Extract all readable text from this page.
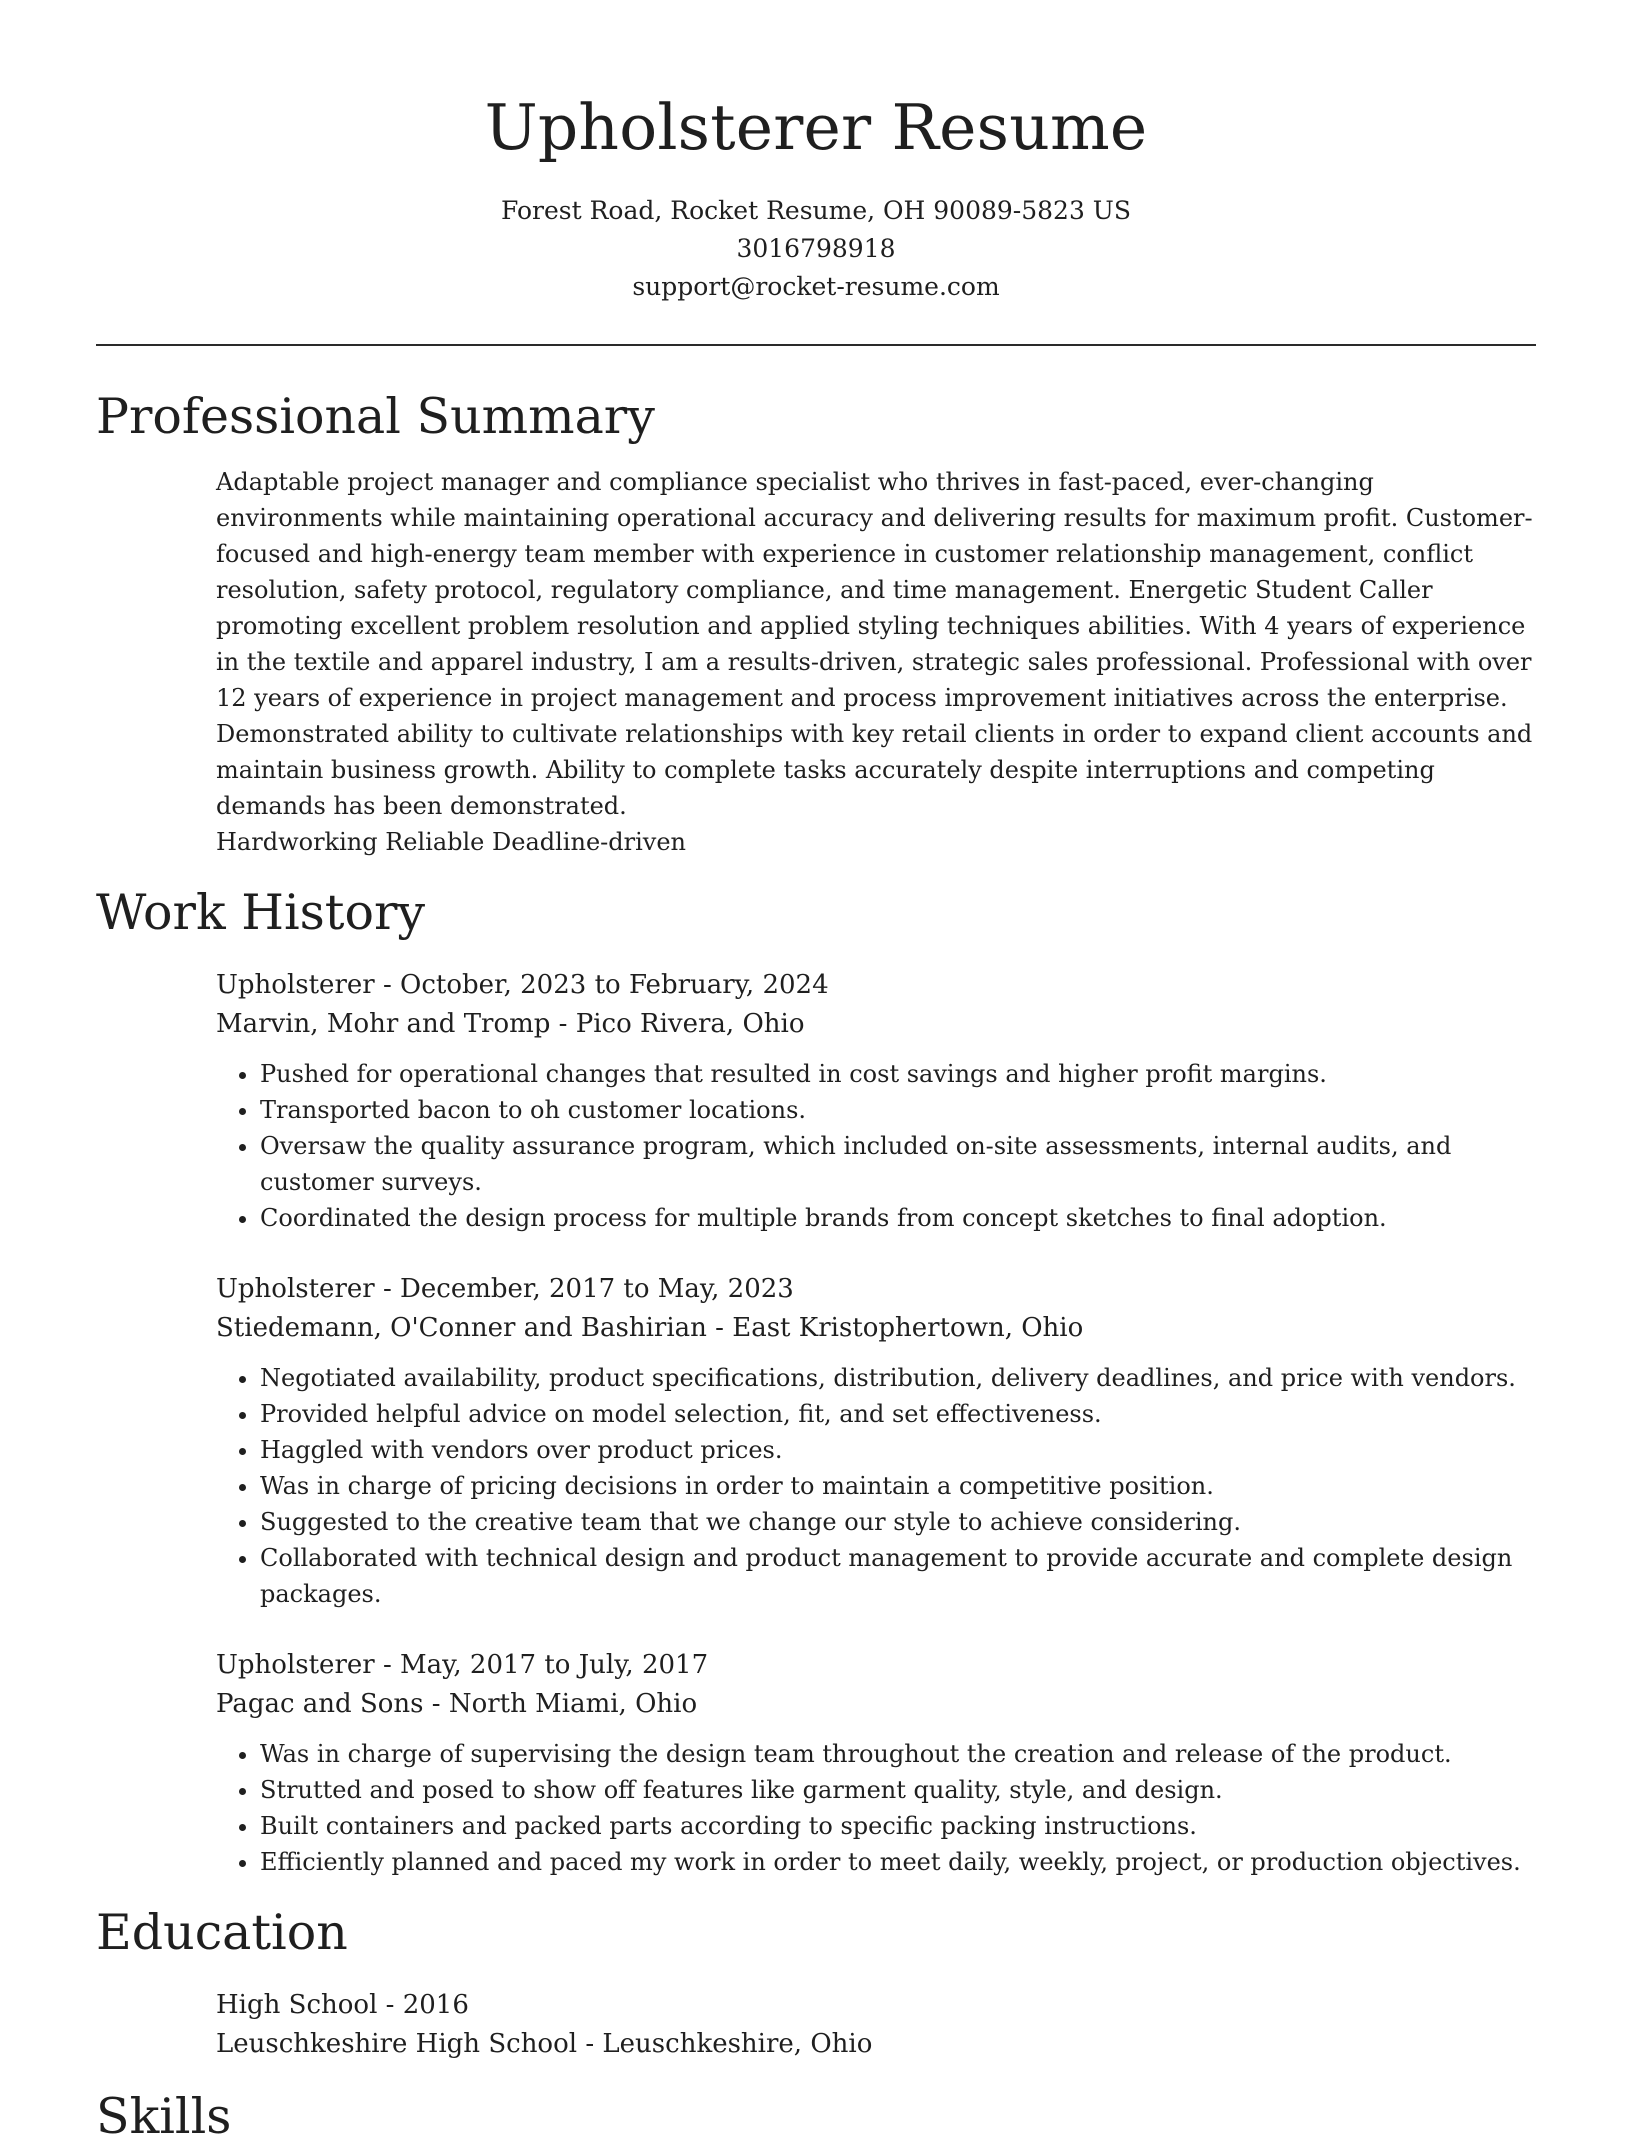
Upholsterer Resume
Forest Road, Rocket Resume, OH 90089-5823 US
3016798918
support@rocket-resume.com
Professional Summary

Adaptable project manager and compliance specialist who thrives in fast-paced, ever-changing environments while maintaining operational accuracy and delivering results for maximum profit. Customer-focused and high-energy team member with experience in customer relationship management, conflict resolution, safety protocol, regulatory compliance, and time management. Energetic Student Caller promoting excellent problem resolution and applied styling techniques abilities. With 4 years of experience in the textile and apparel industry, I am a results-driven, strategic sales professional. Professional with over 12 years of experience in project management and process improvement initiatives across the enterprise. Demonstrated ability to cultivate relationships with key retail clients in order to expand client accounts and maintain business growth. Ability to complete tasks accurately despite interruptions and competing demands has been demonstrated.

Hardworking Reliable Deadline-driven

Work History
Upholsterer - October, 2023 to February, 2024
Marvin, Mohr and Tromp - Pico Rivera, Ohio
• Pushed for operational changes that resulted in cost savings and higher profit margins.
• Transported bacon to oh customer locations.
• Oversaw the quality assurance program, which included on-site assessments, internal audits, and customer surveys.
• Coordinated the design process for multiple brands from concept sketches to final adoption.
Upholsterer - December, 2017 to May, 2023
Stiedemann, O'Conner and Bashirian - East Kristophertown, Ohio
• Negotiated availability, product specifications, distribution, delivery deadlines, and price with vendors.
• Provided helpful advice on model selection, fit, and set effectiveness.
• Haggled with vendors over product prices.
• Was in charge of pricing decisions in order to maintain a competitive position.
• Suggested to the creative team that we change our style to achieve considering.
• Collaborated with technical design and product management to provide accurate and complete design packages.
Upholsterer - May, 2017 to July, 2017
Pagac and Sons - North Miami, Ohio
• Was in charge of supervising the design team throughout the creation and release of the product.
• Strutted and posed to show off features like garment quality, style, and design.
• Built containers and packed parts according to specific packing instructions.
• Efficiently planned and paced my work in order to meet daily, weekly, project, or production objectives.
Education
High School - 2016
Leuschkeshire High School - Leuschkeshire, Ohio
Skills
